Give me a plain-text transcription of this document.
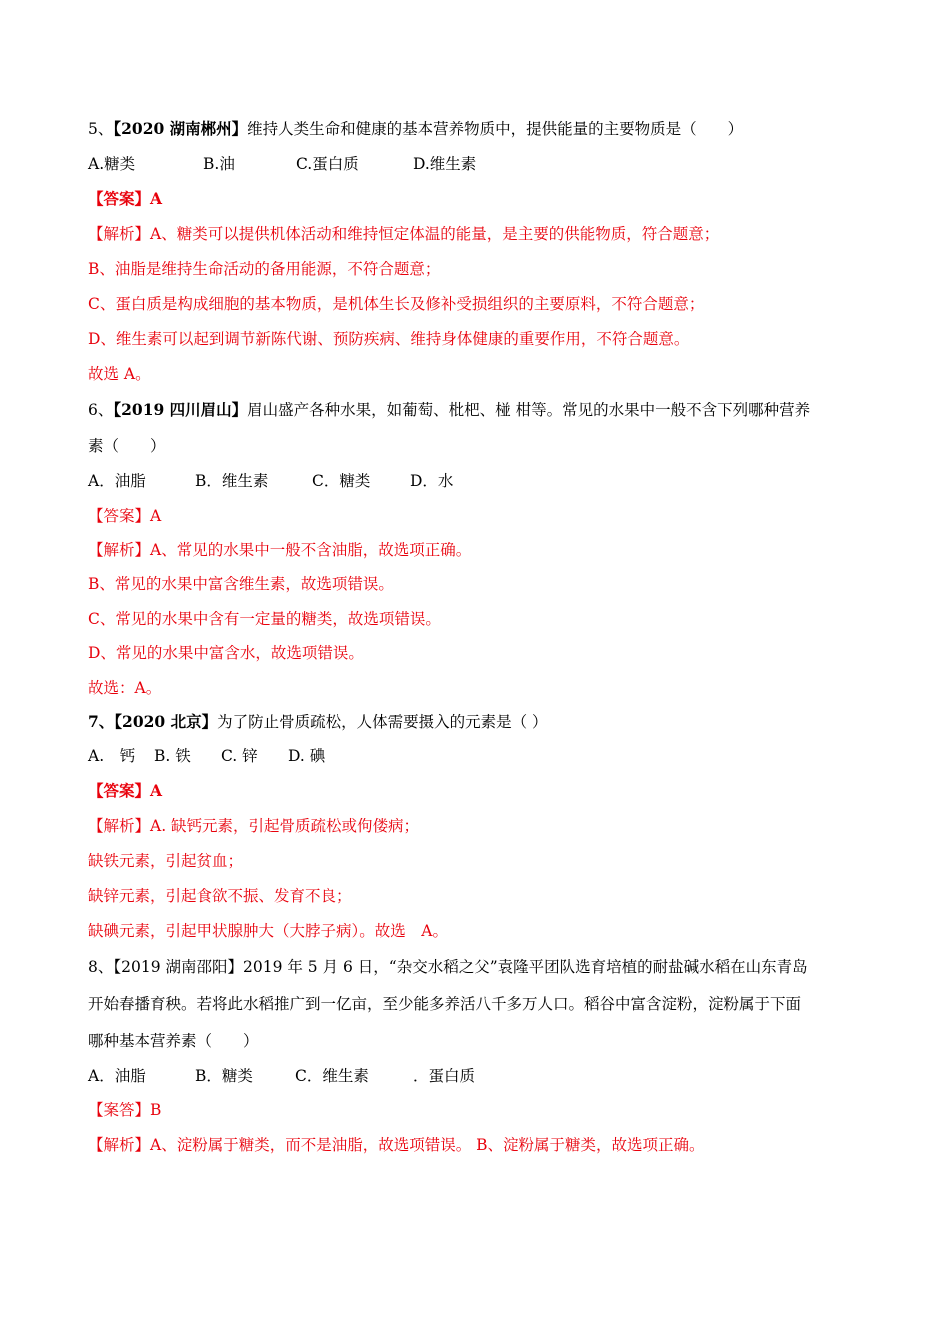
5、【2020 湖南郴州】维持人类生命和健康的基本营养物质中，提供能量的主要物质是（　　）
A.糖类	B.油	C.蛋白质	D.维生素
【答案】A
【解析】A、糖类可以提供机体活动和维持恒定体温的能量，是主要的供能物质，符合题意；
B、油脂是维持生命活动的备用能源，不符合题意；
C、蛋白质是构成细胞的基本物质，是机体生长及修补受损组织的主要原料，不符合题意；
D、维生素可以起到调节新陈代谢、预防疾病、维持身体健康的重要作用，不符合题意。
故选 A。
6、【2019 四川眉山】眉山盛产各种水果，如葡萄、枇杷、椪 柑等。常见的水果中一般不含下列哪种营养
素（　　）
A．油脂	B．维生素	C．糖类	D．水
【答案】A
【解析】A、常见的水果中一般不含油脂，故选项正确。
B、常见的水果中富含维生素，故选项错误。
C、常见的水果中含有一定量的糖类，故选项错误。
D、常见的水果中富含水，故选项错误。
故选：A。
7、【2020 北京】为了防止骨质疏松，人体需要摄入的元素是（ ）
A.　钙 B. 铁 C. 锌 D. 碘
【答案】A
【解析】A. 缺钙元素，引起骨质疏松或佝偻病；
缺铁元素，引起贫血；
缺锌元素，引起食欲不振、发育不良；
缺碘元素，引起甲状腺肿大（大脖子病）。故选　A。
8、【2019 湖南邵阳】2019 年 5 月 6 日，“杂交水稻之父”袁隆平团队选育培植的耐盐碱水稻在山东青岛
开始春播育秧。若将此水稻推广到一亿亩，至少能多养活八千多万人口。稻谷中富含淀粉，淀粉属于下面
哪种基本营养素（　　）
A．油脂	B．糖类	C．维生素	．蛋白质
【案答】B
【解析】A、淀粉属于糖类，而不是油脂，故选项错误。 B、淀粉属于糖类，故选项正确。
